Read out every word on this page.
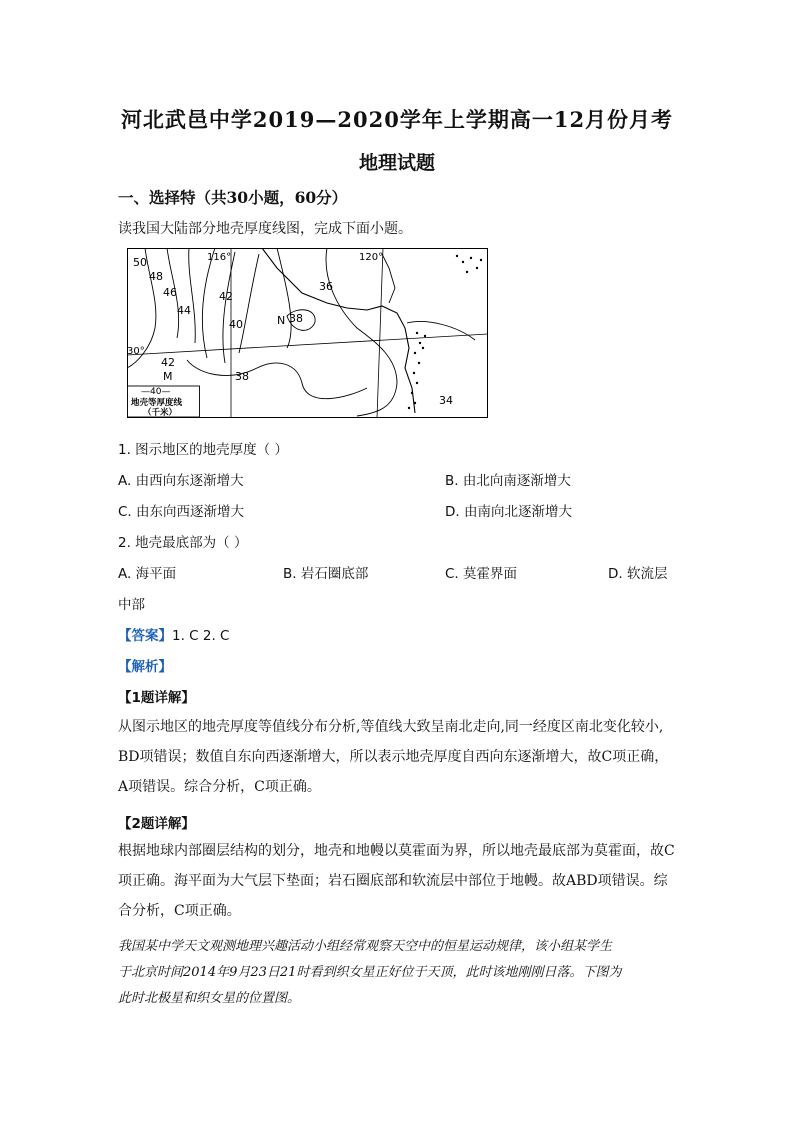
河北武邑中学2019—2020学年上学期高一12月份月考
地理试题
一、选择特（共30小题，60分）
读我国大陆部分地壳厚度线图，完成下面小题。
50
48
46
44
116°
42
40
36
120°
N 38
30°
42
M	38
34
—40—
地壳等厚度线
（千米）
1. 图示地区的地壳厚度（ ）
A. 由西向东逐渐增大	B. 由北向南逐渐增大
C. 由东向西逐渐增大	D. 由南向北逐渐增大
2. 地壳最底部为（ ）
A. 海平面	B. 岩石圈底部	C. 莫霍界面	D. 软流层
中部
【答案】1. C 2. C
【解析】
【1题详解】
从图示地区的地壳厚度等值线分布分析,等值线大致呈南北走向,同一经度区南北变化较小,
BD项错误；数值自东向西逐渐增大，所以表示地壳厚度自西向东逐渐增大，故C项正确，
A项错误。综合分析，C项正确。
【2题详解】
根据地球内部圈层结构的划分，地壳和地幔以莫霍面为界，所以地壳最底部为莫霍面，故C
项正确。海平面为大气层下垫面；岩石圈底部和软流层中部位于地幔。故ABD项错误。综
合分析，C项正确。
我国某中学天文观测地理兴趣活动小组经常观察天空中的恒星运动规律，该小组某学生
于北京时间2014年9月23日21时看到织女星正好位于天顶，此时该地刚刚日落。下图为
此时北极星和织女星的位置图。
